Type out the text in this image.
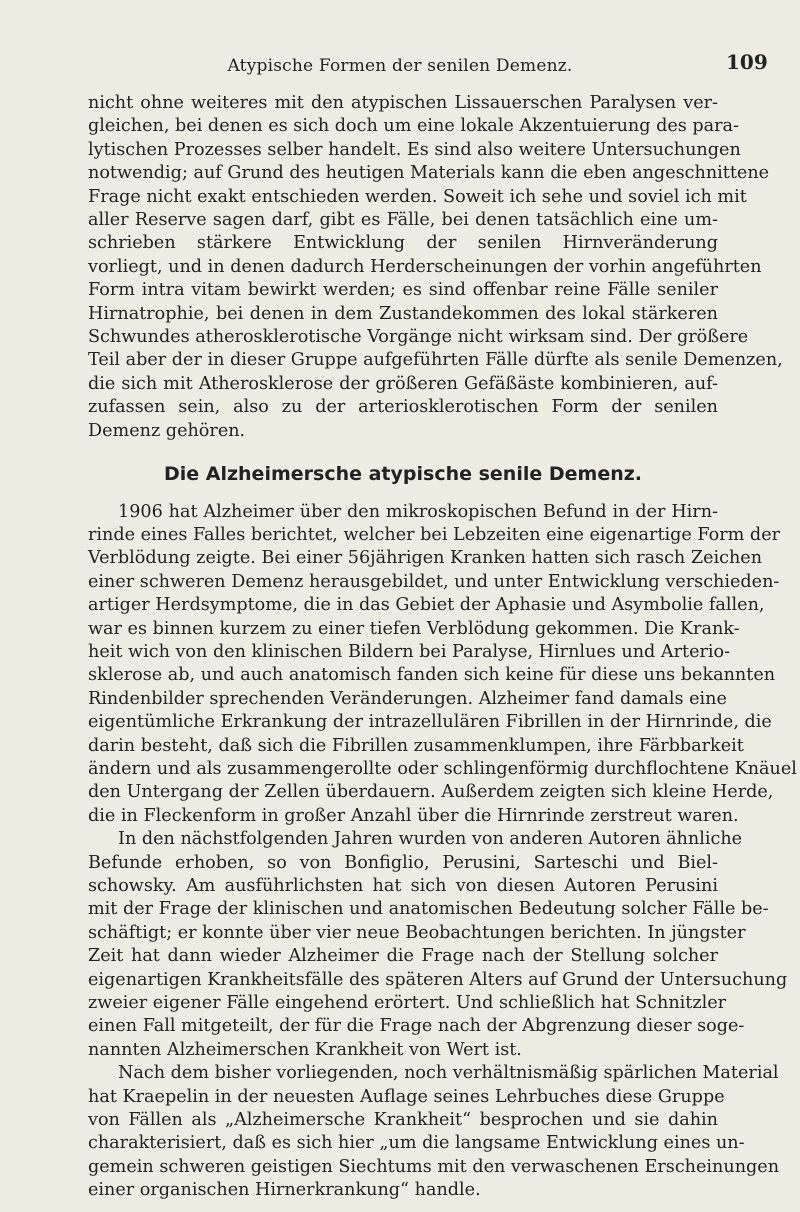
Atypische Formen der senilen Demenz.	109
nicht ohne weiteres mit den atypischen Lissauerschen Paralysen ver-
gleichen, bei denen es sich doch um eine lokale Akzentuierung des para-
lytischen Prozesses selber handelt. Es sind also weitere Untersuchungen
notwendig; auf Grund des heutigen Materials kann die eben angeschnittene
Frage nicht exakt entschieden werden. Soweit ich sehe und soviel ich mit
aller Reserve sagen darf, gibt es Fälle, bei denen tatsächlich eine um-
schrieben stärkere Entwicklung der senilen Hirnveränderung
vorliegt, und in denen dadurch Herderscheinungen der vorhin angeführten
Form intra vitam bewirkt werden; es sind offenbar reine Fälle seniler
Hirnatrophie, bei denen in dem Zustandekommen des lokal stärkeren
Schwundes atherosklerotische Vorgänge nicht wirksam sind. Der größere
Teil aber der in dieser Gruppe aufgeführten Fälle dürfte als senile Demenzen,
die sich mit Atherosklerose der größeren Gefäßäste kombinieren, auf-
zufassen sein, also zu der arteriosklerotischen Form der senilen
Demenz gehören.
Die Alzheimersche atypische senile Demenz.
1906 hat Alzheimer über den mikroskopischen Befund in der Hirn-
rinde eines Falles berichtet, welcher bei Lebzeiten eine eigenartige Form der
Verblödung zeigte. Bei einer 56jährigen Kranken hatten sich rasch Zeichen
einer schweren Demenz herausgebildet, und unter Entwicklung verschieden-
artiger Herdsymptome, die in das Gebiet der Aphasie und Asymbolie fallen,
war es binnen kurzem zu einer tiefen Verblödung gekommen. Die Krank-
heit wich von den klinischen Bildern bei Paralyse, Hirnlues und Arterio-
sklerose ab, und auch anatomisch fanden sich keine für diese uns bekannten
Rindenbilder sprechenden Veränderungen. Alzheimer fand damals eine
eigentümliche Erkrankung der intrazellulären Fibrillen in der Hirnrinde, die
darin besteht, daß sich die Fibrillen zusammenklumpen, ihre Färbbarkeit
ändern und als zusammengerollte oder schlingenförmig durchflochtene Knäuel
den Untergang der Zellen überdauern. Außerdem zeigten sich kleine Herde,
die in Fleckenform in großer Anzahl über die Hirnrinde zerstreut waren.
In den nächstfolgenden Jahren wurden von anderen Autoren ähnliche
Befunde erhoben, so von Bonfiglio, Perusini, Sarteschi und Biel-
schowsky. Am ausführlichsten hat sich von diesen Autoren Perusini
mit der Frage der klinischen und anatomischen Bedeutung solcher Fälle be-
schäftigt; er konnte über vier neue Beobachtungen berichten. In jüngster
Zeit hat dann wieder Alzheimer die Frage nach der Stellung solcher
eigenartigen Krankheitsfälle des späteren Alters auf Grund der Untersuchung
zweier eigener Fälle eingehend erörtert. Und schließlich hat Schnitzler
einen Fall mitgeteilt, der für die Frage nach der Abgrenzung dieser soge-
nannten Alzheimerschen Krankheit von Wert ist.
Nach dem bisher vorliegenden, noch verhältnismäßig spärlichen Material
hat Kraepelin in der neuesten Auflage seines Lehrbuches diese Gruppe
von Fällen als „Alzheimersche Krankheit“ besprochen und sie dahin
charakterisiert, daß es sich hier „um die langsame Entwicklung eines un-
gemein schweren geistigen Siechtums mit den verwaschenen Erscheinungen
einer organischen Hirnerkrankung“ handle.
